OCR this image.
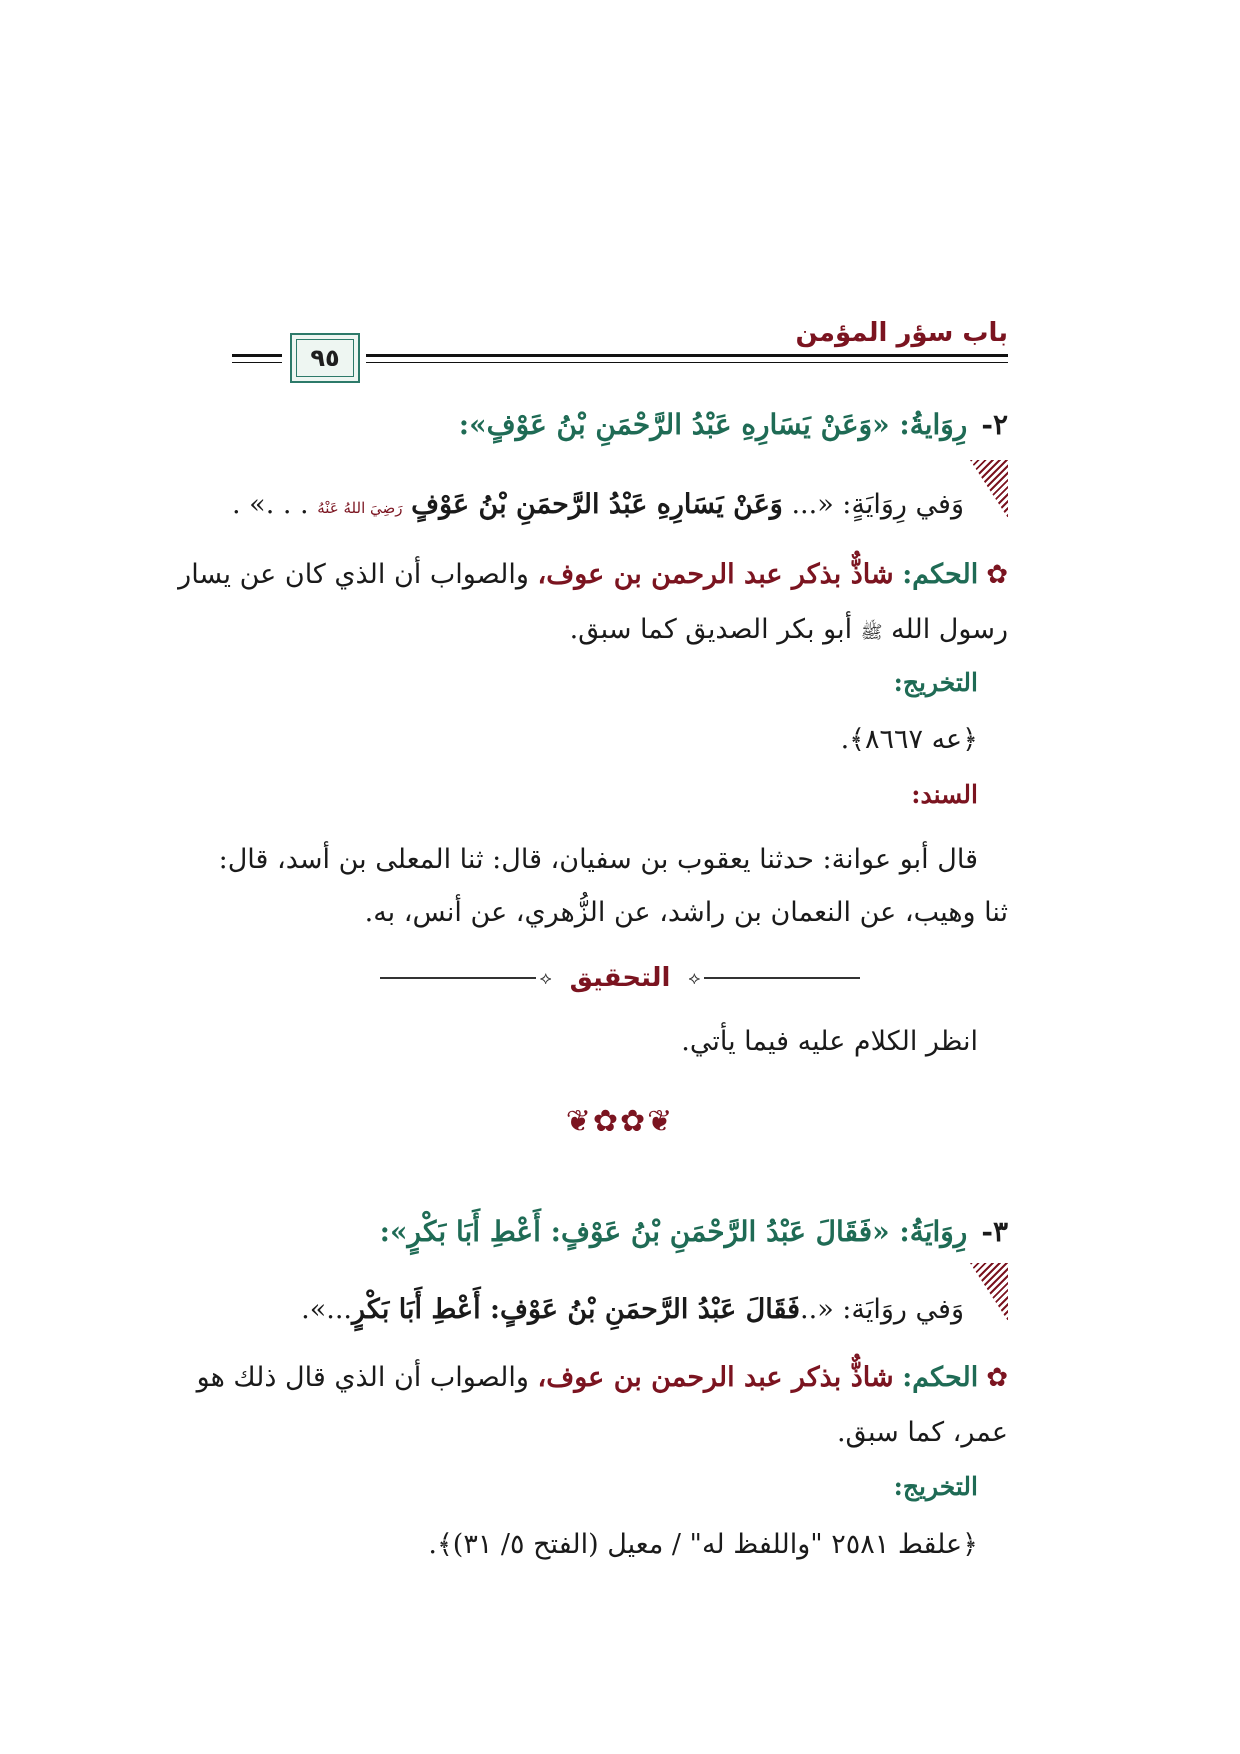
باب سؤر المؤمن
٩٥
٢-رِوَايةُ: «وَعَنْ يَسَارِهِ عَبْدُ الرَّحْمَنِ بْنُ عَوْفٍ»:
وَفي رِوَايَةٍ: «... وَعَنْ يَسَارِهِ عَبْدُ الرَّحمَنِ بْنُ عَوْفٍ رَضِيَ اللهُ عَنْهُ . . .» .
✿الحكم: شاذٌّ بذكر عبد الرحمن بن عوف، والصواب أن الذي كان عن يسار
رسول الله ﷺ أبو بكر الصديق كما سبق.
التخريج:
﴿عه ٨٦٦٧﴾.
السند:
قال أبو عوانة: حدثنا يعقوب بن سفيان، قال: ثنا المعلى بن أسد، قال:
ثنا وهيب، عن النعمان بن راشد، عن الزُّهري، عن أنس، به.
⟡
التحقيق
⟡
انظر الكلام عليه فيما يأتي.
❦✿✿❦
٣-رِوَايَةُ: «فَقَالَ عَبْدُ الرَّحْمَنِ بْنُ عَوْفٍ: أَعْطِ أَبَا بَكْرٍ»:
وَفي روَايَة: «..فَقَالَ عَبْدُ الرَّحمَنِ بْنُ عَوْفٍ: أَعْطِ أَبَا بَكْرٍ...».
✿الحكم: شاذٌّ بذكر عبد الرحمن بن عوف، والصواب أن الذي قال ذلك هو
عمر، كما سبق.
التخريج:
﴿علقط ٢٥٨١ "واللفظ له" / معيل (الفتح ٥/ ٣١)﴾.
